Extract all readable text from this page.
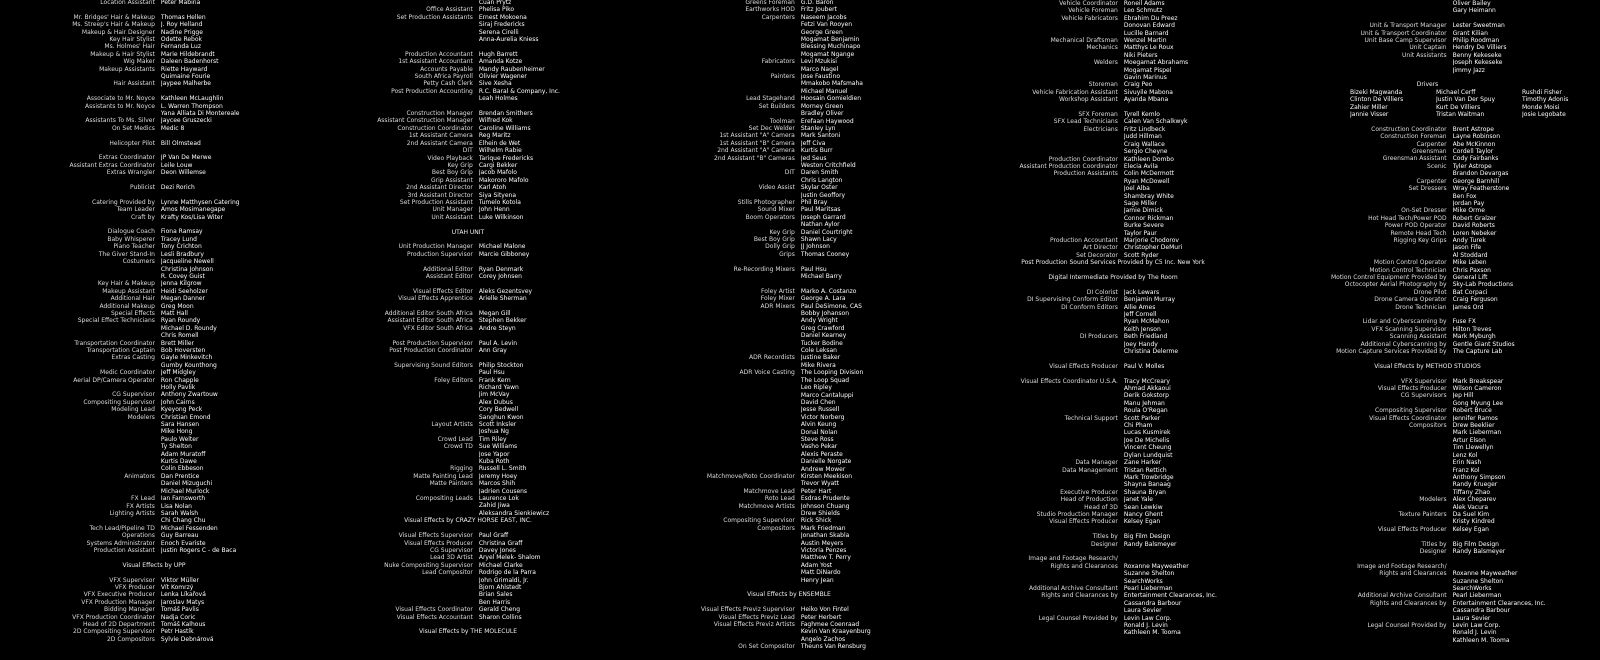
Location Assistant	Peter Mabina
Mr. Bridges' Hair & Makeup	Thomas Hellen
Ms. Streep's Hair & Makeup	J. Roy Helland
Makeup & Hair Designer	Nadine Prigge
Key Hair Stylist	Odette Rebok
Ms. Holmes' Hair	Fernanda Luz
Makeup & Hair Stylist	Marie Hildebrandt
Wig Maker	Daleen Badenhorst
Makeup Assistants	Riette Hayward
Quimaine Fourie
Hair Assistant	Jaypee Malherbe
Associate to Mr. Noyce	Kathleen McLaughlin
Assistants to Mr. Noyce	L. Warren Thompson
Yana Alliata Di Montereale
Assistants To Ms. Silver	Jaycee Gruszecki
On Set Medics	Medic 8
Helicopter Pilot	Bill Olmstead
Extras Coordinator	JP Van De Merwe
Assistant Extras Coordinator	Leile Louw
Extras Wrangler	Deon Willemse
Publicist	Dezi Rorich
Catering Provided by	Lynne Matthysen Catering
Team Leader	Amos Mosimanegape
Craft by	Krafty Kos/Lisa Witer
Dialogue Coach	Fiona Ramsay
Baby Whisperer	Tracey Lund
Piano Teacher	Tony Crichton
The Giver Stand-In	Lesli Bradbury
Costumers	Jacqueline Newell
Christina Johnson
R. Covey Guist
Key Hair & Makeup	Jenna Kilgrow
Makeup Assistant	Heidi Seeholzer
Additional Hair	Megan Danner
Additional Makeup	Greg Moon
Special Effects	Matt Hall
Special Effect Technicians	Ryan Roundy
Michael D. Roundy
Chris Romell
Transportation Coordinator	Brett Miller
Transportation Captain	Bob Hoversten
Extras Casting	Gayle Minkevitch
Gumby Kounthong
Medic Coordinator	Jeff Midgley
Aerial DP/Camera Operator	Ron Chapple
Holly Pavlik
CG Supervisor	Anthony Zwartouw
Compositing Supervisor	John Cairns
Modeling Lead	Kyeyong Peck
Modelers	Christian Emond
Sara Hansen
Mike Hong
Paulo Welter
Ty Shelton
Adam Muratoff
Kurtis Dawe
Colin Ebbeson
Animators	Dan Prentice
Daniel Mizuguchi
Michael Murlock
FX Lead	Ian Farnsworth
FX Artists	Lisa Nolan
Lighting Artists	Sarah Walsh
Chi Chang Chu
Tech Lead/Pipeline TD	Michael Fessenden
Operations	Guy Barreau
Systems Administrator	Enoch Evariste
Production Assistant	Justin Rogers C - de Baca
Visual Effects by UPP
VFX Supervisor	Viktor Müller
VFX Producer	Vít Komrzý
VFX Executive Producer	Lenka Líkařová
VFX Production Manager	Jaroslav Matys
Bidding Manager	Tomáš Pavlis
VFX Production Coordinator	Nadja Coric
Head of 2D Department	Tomáš Kalhous
2D Compositing Supervisor	Petr Hastík
2D Compositors	Sylvie Debnárová
Cuan Prytz
Office Assistant	Phelisa Piko
Set Production Assistants	Ernest Mokoena
Siraj Fredericks
Serena Cirelli
Anna-Aurelia Kniess
Production Accountant	Hugh Barrett
1st Assistant Accountant	Amanda Kotze
Accounts Payable	Mandy Raubenheimer
South Africa Payroll	Olivier Wagener
Petty Cash Clerk	Sive Xesha
Post Production Accounting	R.C. Baral & Company, Inc.
Leah Holmes
Construction Manager	Brendan Smithers
Assistant Construction Manager	Wilfred Kok
Construction Coordinator	Caroline Williams
1st Assistant Camera	Reg Maritz
2nd Assistant Camera	Elhein de Wet
DIT	Wilhelm Rabie
Video Playback	Tarique Fredericks
Key Grip	Cargi Bekker
Best Boy Grip	Jacob Mafolo
Grip Assistant	Makororo Mafolo
2nd Assistant Director	Karl Atoh
3rd Assistant Director	Siya Sityena
Set Production Assistant	Tumelo Kotola
Unit Manager	John Henn
Unit Assistant	Luke Wilkinson
UTAH UNIT
Unit Production Manager	Michael Malone
Production Supervisor	Marcie Gibboney
Additional Editor	Ryan Denmark
Assistant Editor	Corey Johnsen
Visual Effects Editor	Aleks Gezentsvey
Visual Effects Apprentice	Arielle Sherman
Additional Editor South Africa	Megan Gill
Assistant Editor South Africa	Stephen Bekker
VFX Editor South Africa	Andre Steyn
Post Production Supervisor	Paul A. Levin
Post Production Coordinator	Ann Gray
Supervising Sound Editors	Philip Stockton
Paul Hsu
Foley Editors	Frank Kern
Richard Yawn
Jim McVay
Alex Dubus
Cory Bedwell
Sanghun Kwon
Layout Artists	Scott Inksler
Joshua Ng
Crowd Lead	Tim Riley
Crowd TD	Sue Williams
Jose Yapor
Kuba Roth
Rigging	Russell L. Smith
Matte Painting Lead	Jeremy Hoey
Matte Painters	Marcos Shih
Jadrien Cousens
Compositing Leads	Laurence Lok
Zahid Jiwa
Aleksandra Sienkiewicz
Visual Effects by CRAZY HORSE EAST, INC.
Visual Effects Supervisor	Paul Graff
Visual Effects Producer	Christina Graff
CG Supervisor	Davey Jones
Lead 3D Artist	Aryel Melek- Shalom
Nuke Compositing Supervisor	Michael Clarke
Lead Compositor	Rodrigo de la Parra
John Grimaldi, Jr.
Bjorn Ahlstedt
Brian Sales
Ben Harris
Visual Effects Coordinator	Gerald Cheng
Visual Effects Accountant	Sharon Collins
Visual Effects by THE MOLECULE
Greens Foreman	G.D. Baron
Earthworks HOD	Fritz Joubert
Carpenters	Naseem Jacobs
Fetzi Van Rooyen
George Green
Mogamat Benjamin
Blessing Muchinapo
Mogamat Ngange
Fabricators	Levi Mzukisi
Marco Nagel
Painters	Jose Faustino
Mmakobo Mafsmaha
Michael Manuel
Lead Stagehand	Hoosain Gomieldien
Set Builders	Morney Green
Bradley Oliver
Toolman	Erefaan Haywood
Set Dec Welder	Stanley Lyn
1st Assistant "A" Camera	Mark Santoni
1st Assistant "B" Camera	Jeff Civa
2nd Assistant "A" Camera	Kurtis Burr
2nd Assistant "B" Cameras	Jed Seus
Weston Critchfield
DIT	Daren Smith
Chris Langton
Video Assist	Skylar Oster
Justin Geoffory
Stills Photographer	Phil Bray
Sound Mixer	Paul Maritsas
Boom Operators	Joseph Garrard
Nathan Aylor
Key Grip	Daniel Courtright
Best Boy Grip	Shawn Lacy
Dolly Grip	JJ Johnson
Grips	Thomas Cooney
Re-Recording Mixers	Paul Hsu
Michael Barry
Foley Artist	Marko A. Costanzo
Foley Mixer	George A. Lara
ADR Mixers	Paul DeSimone, CAS
Bobby Johanson
Andy Wright
Greg Crawford
Daniel Kearney
Tucker Bodine
Cole Leksan
ADR Recordists	Justine Baker
Mike Rivera
ADR Voice Casting	The Looping Division
The Loop Squad
Leo Ripley
Marco Cantaluppi
David Chen
Jesse Russell
Victor Norberg
Alvin Keung
Donal Nolan
Steve Ross
Vasho Pekar
Alexis Peraste
Danielle Norgate
Andrew Mower
Matchmove/Roto Coordinator	Kirsten Meekison
Trevor Wyatt
Matchmove Lead	Peter Hart
Roto Lead	Esdras Prudente
Matchmove Artists	Johnson Chuang
Drew Shields
Compositing Supervisor	Rick Shick
Compositors	Mark Friedman
Jonathan Skabla
Austin Meyers
Victoria Penzes
Matthew T. Perry
Adam Yost
Matt DiNardo
Henry Jean
Visual Effects by ENSEMBLE
Visual Effects Previz Supervisor	Heiko Von Fintel
Visual Effects Previz Lead	Peter Herbert
Visual Effects Previz Artists	Faghmee Coenraad
Kevin Van Kraayenburg
Angelo Zachos
On Set Compositor	Theuns Van Rensburg
Vehicle Coordinator	Roneil Adams
Vehicle Foreman	Leo Schmutz
Vehicle Fabricators	Ebrahim Du Preez
Donovan Edward
Lucille Barnard
Mechanical Draftsman	Wenzel Martin
Mechanics	Matthys Le Roux
Niki Pieters
Welders	Moegamat Abrahams
Mogamat Pispel
Gavin Marinus
Storeman	Craig Peo
Vehicle Fabrication Assistant	Sivuyile Mabona
Workshop Assistant	Ayanda Mbana
SFX Foreman	Tyrell Kemlo
SFX Lead Technicians	Calen Van Schalkwyk
Electricians	Fritz Lindbeck
Judd Hillman
Craig Wallace
Sergio Cheyne
Production Coordinator	Kathleen Dombo
Assistant Production Coordinator	Elecia Avila
Production Assistants	Colin McDermott
Ryan McDowell
Joel Alba
Shambray White
Sage Miller
Jamie Dimick
Connor Rickman
Burke Severe
Taylor Paur
Production Accountant	Marjorie Chodorov
Art Director	Christopher DeMuri
Set Decorator	Scott Ryder
Post Production Sound Services Provided by C5 Inc. New York
Digital Intermediate Provided by The Room
DI Colorist	Jack Lewars
DI Supervising Conform Editor	Benjamin Murray
DI Conform Editors	Allie Ames
Jeff Cornell
Ryan McMahon
Keith Jenson
DI Producers	Beth Friedland
Joey Handy
Christina Delerme
Visual Effects Producer	Paul V. Molles
Visual Effects Coordinator U.S.A.	Tracy McCreary
Ahmad Akkaoui
Derik Gokstorp
Manu Jehman
Roula O'Regan
Technical Support	Scott Parker
Chi Pham
Lucas Kusmirek
Joe De Michelis
Vincent Cheung
Dylan Lundquist
Data Manager	Zane Harker
Data Management	Tristan Rettich
Mark Trowbridge
Shayna Banaag
Executive Producer	Shauna Bryan
Head of Production	Janet Yale
Head of 3D	Sean Lewkiw
Studio Production Manager	Nancy Ghent
Visual Effects Producer	Kelsey Egan
Titles by	Big Film Design
Designer	Randy Balsmeyer
Image and Footage Research/
Rights and Clearances	Roxanne Mayweather
Suzanne Shelton
SearchWorks
Additional Archive Consultant	Pearl Lieberman
Rights and Clearances by	Entertainment Clearances, Inc.
Cassandra Barbour
Laura Sevier
Legal Counsel Provided by	Levin Law Corp.
Ronald J. Levin
Kathleen M. Tooma
Oliver Bailey
Gary Heimann
Unit & Transport Manager	Lester Sweetman
Unit & Transport Coordinator	Grant Kilian
Unit Base Camp Supervisor	Philip Roodman
Unit Captain	Hendry De Villiers
Unit Assistants	Benny Kekeseke
Joseph Kekeseke
Jimmy Jazz
Drivers
Bizeki Magwanda	Michael Cerff	Rushdi Fisher
Clinton De Villiers	Justin Van Der Spuy	Timothy Adonis
Zahier Miller	Kurt De Villiers	Monde Moisi
Jannie Visser	Tristan Waitman	Josie Legobate
Construction Coordinator	Brent Astrope
Construction Foreman	Layne Robinson
Carpenter	Abe McKinnon
Greensman	Cordell Taylor
Greensman Assistant	Cody Fairbanks
Scenic	Tyler Astrope
Brandon Devargas
Carpenter	George Barnhill
Set Dressers	Wray Featherstone
Ben Fox
Jordan Pay
On-Set Dresser	Mike Orme
Hot Head Tech/Power POD	Robert Gralzer
Power POD Operator	David Roberts
Remote Head Tech	Loren Nebeker
Rigging Key Grips	Andy Turek
Jason Fife
Al Stoddard
Motion Control Operator	Mike Leben
Motion Control Technician	Chris Paxson
Motion Control Equipment Provided by	General Lift
Octocopter Aerial Photography by	Sky-Lab Productions
Drone Pilot	Bat Corpaci
Drone Camera Operator	Craig Ferguson
Drone Technician	James Ord
Lidar and Cyberscanning by	Fuse FX
VFX Scanning Supervisor	Hilton Treves
Scanning Assistant	Mark Myburgh
Additional Cyberscanning by	Gentle Giant Studios
Motion Capture Services Provided by	The Capture Lab
Visual Effects by METHOD STUDIOS
VFX Supervisor	Mark Breakspear
Visual Effects Producer	Wilson Cameron
CG Supervisors	Jep Hill
Gong Myung Lee
Compositing Supervisor	Robert Bruce
Visual Effects Coordinator	Jennifer Ramos
Compositors	Drew Beeklier
Mark Lieberman
Artur Elson
Tim Llewellyn
Lenz Kol
Erin Nash
Franz Kol
Anthony Simpson
Randy Krueger
Tiffany Zhao
Modelers	Alex Cheparev
Alek Vacura
Texture Painters	Da Suel Kim
Kristy Kindred
Visual Effects Producer	Kelsey Egan
Titles by	Big Film Design
Designer	Randy Balsmeyer
Image and Footage Research/
Rights and Clearances	Roxanne Mayweather
Suzanne Shelton
SearchWorks
Additional Archive Consultant	Pearl Lieberman
Rights and Clearances by	Entertainment Clearances, Inc.
Cassandra Barbour
Laura Sevier
Legal Counsel Provided by	Levin Law Corp.
Ronald J. Levin
Kathleen M. Tooma
